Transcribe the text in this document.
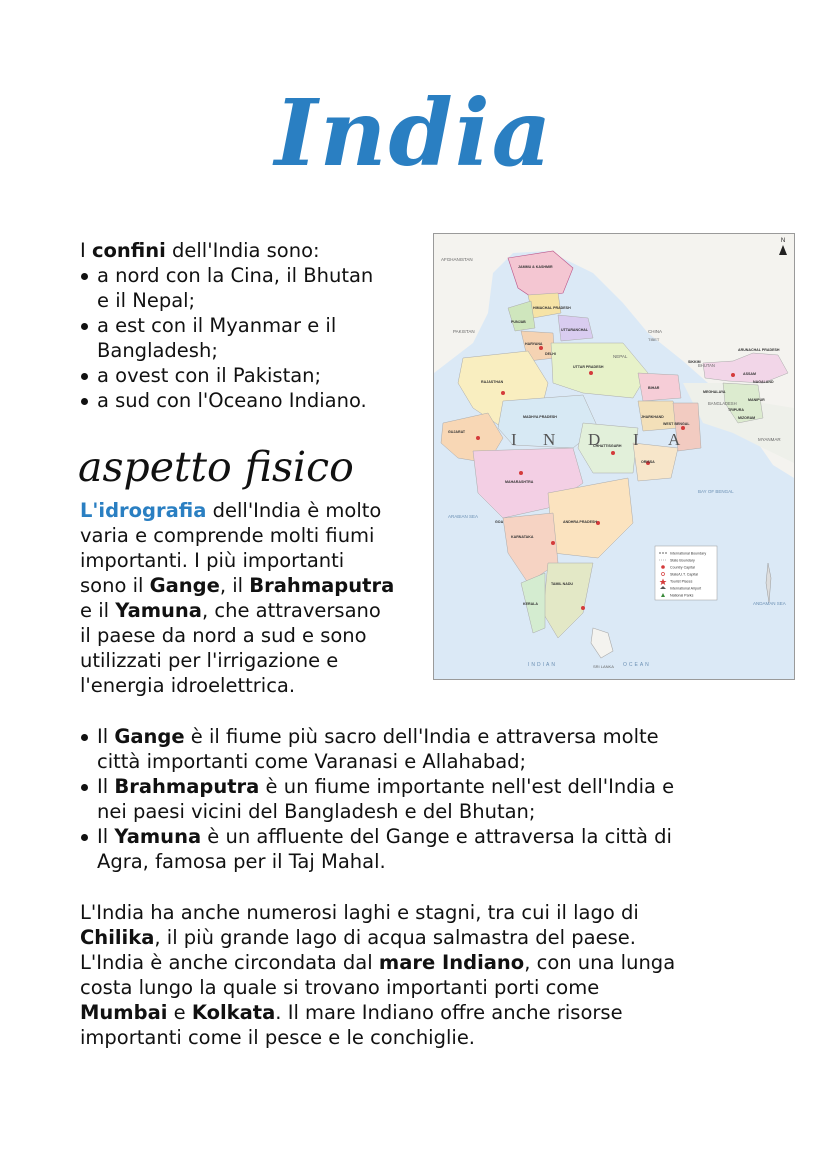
India
I confini dell'India sono:
a nord con la Cina, il Bhutan
e il Nepal;
a est con il Myanmar e il
Bangladesh;
a ovest con il Pakistan;
a sud con l'Oceano Indiano.
aspetto fisico
L'idrografia dell'India è molto
varia e comprende molti fiumi
importanti. I più importanti
sono il Gange, il Brahmaputra
e il Yamuna, che attraversano
il paese da nord a sud e sono
utilizzati per l'irrigazione e
l'energia idroelettrica.
Il Gange è il fiume più sacro dell'India e attraversa molte
città importanti come Varanasi e Allahabad;
Il Brahmaputra è un fiume importante nell'est dell'India e
nei paesi vicini del Bangladesh e del Bhutan;
Il Yamuna è un affluente del Gange e attraversa la città di
Agra, famosa per il Taj Mahal.
L'India ha anche numerosi laghi e stagni, tra cui il lago di
Chilika, il più grande lago di acqua salmastra del paese.
L'India è anche circondata dal mare Indiano, con una lunga
costa lungo la quale si trovano importanti porti come
Mumbai e Kolkata. Il mare Indiano offre anche risorse
importanti come il pesce e le conchiglie.
N
AFGHANISTAN
PAKISTAN	CHINA
TIBET
NEPAL
BHUTAN
BANGLADESH
MYANMAR
SRI LANKA
ARABIAN SEA
BAY OF BENGAL
ANDAMAN SEA
INDIAN	OCEAN
I N D I A
JAMMU & KASHMIR
HIMACHAL PRADESH
PUNJAB
UTTARANCHAL
HARYANA
DELHI
RAJASTHAN
UTTAR PRADESH
BIHAR
SIKKIM
ASSAM
ARUNACHAL PRADESH
NAGALAND
MANIPUR
MEGHALAYA
TRIPURA
MIZORAM
GUJARAT
MADHYA PRADESH	JHARKHAND
WEST BENGAL
CHHATTISGARH
ORISSA
MAHARASHTRA
ANDHRA PRADESH
KARNATAKA
GOA
TAMIL NADU
KERALA
International Boundary
State Boundary
Country Capital
State/U.T. Capital
Tourist Places
International Airport
National Parks
